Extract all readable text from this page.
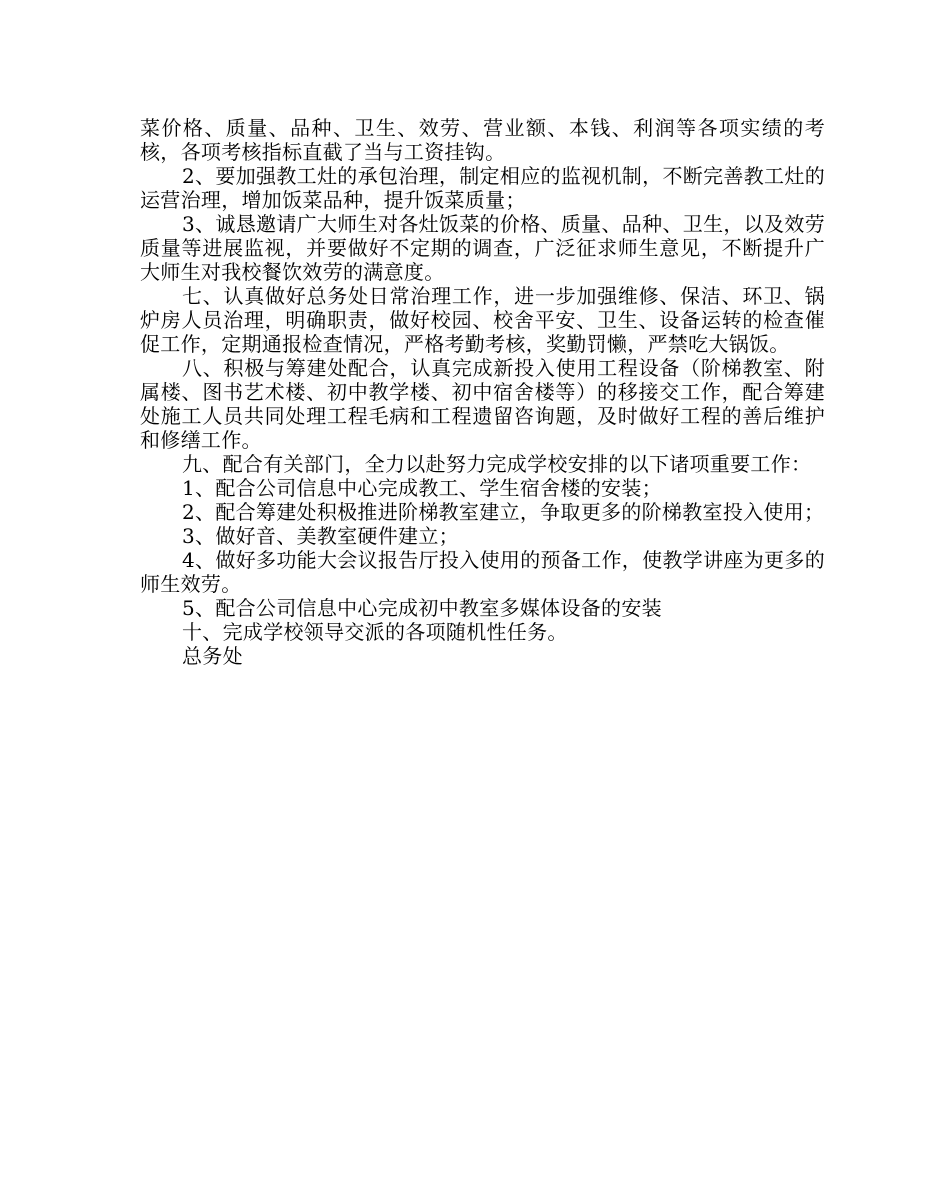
菜价格、质量、品种、卫生、效劳、营业额、本钱、利润等各项实绩的考核，各项考核指标直截了当与工资挂钩。

2、要加强教工灶的承包治理，制定相应的监视机制，不断完善教工灶的运营治理，增加饭菜品种，提升饭菜质量；

3、诚恳邀请广大师生对各灶饭菜的价格、质量、品种、卫生，以及效劳质量等进展监视，并要做好不定期的调查，广泛征求师生意见，不断提升广大师生对我校餐饮效劳的满意度。

七、认真做好总务处日常治理工作，进一步加强维修、保洁、环卫、锅炉房人员治理，明确职责，做好校园、校舍平安、卫生、设备运转的检查催促工作，定期通报检查情况，严格考勤考核，奖勤罚懒，严禁吃大锅饭。

八、积极与筹建处配合，认真完成新投入使用工程设备（阶梯教室、附属楼、图书艺术楼、初中教学楼、初中宿舍楼等）的移接交工作，配合筹建处施工人员共同处理工程毛病和工程遗留咨询题，及时做好工程的善后维护和修缮工作。

九、配合有关部门，全力以赴努力完成学校安排的以下诸项重要工作：

1、配合公司信息中心完成教工、学生宿舍楼的安装；

2、配合筹建处积极推进阶梯教室建立，争取更多的阶梯教室投入使用；

3、做好音、美教室硬件建立；

4、做好多功能大会议报告厅投入使用的预备工作，使教学讲座为更多的师生效劳。

5、配合公司信息中心完成初中教室多媒体设备的安装

十、完成学校领导交派的各项随机性任务。

总务处
